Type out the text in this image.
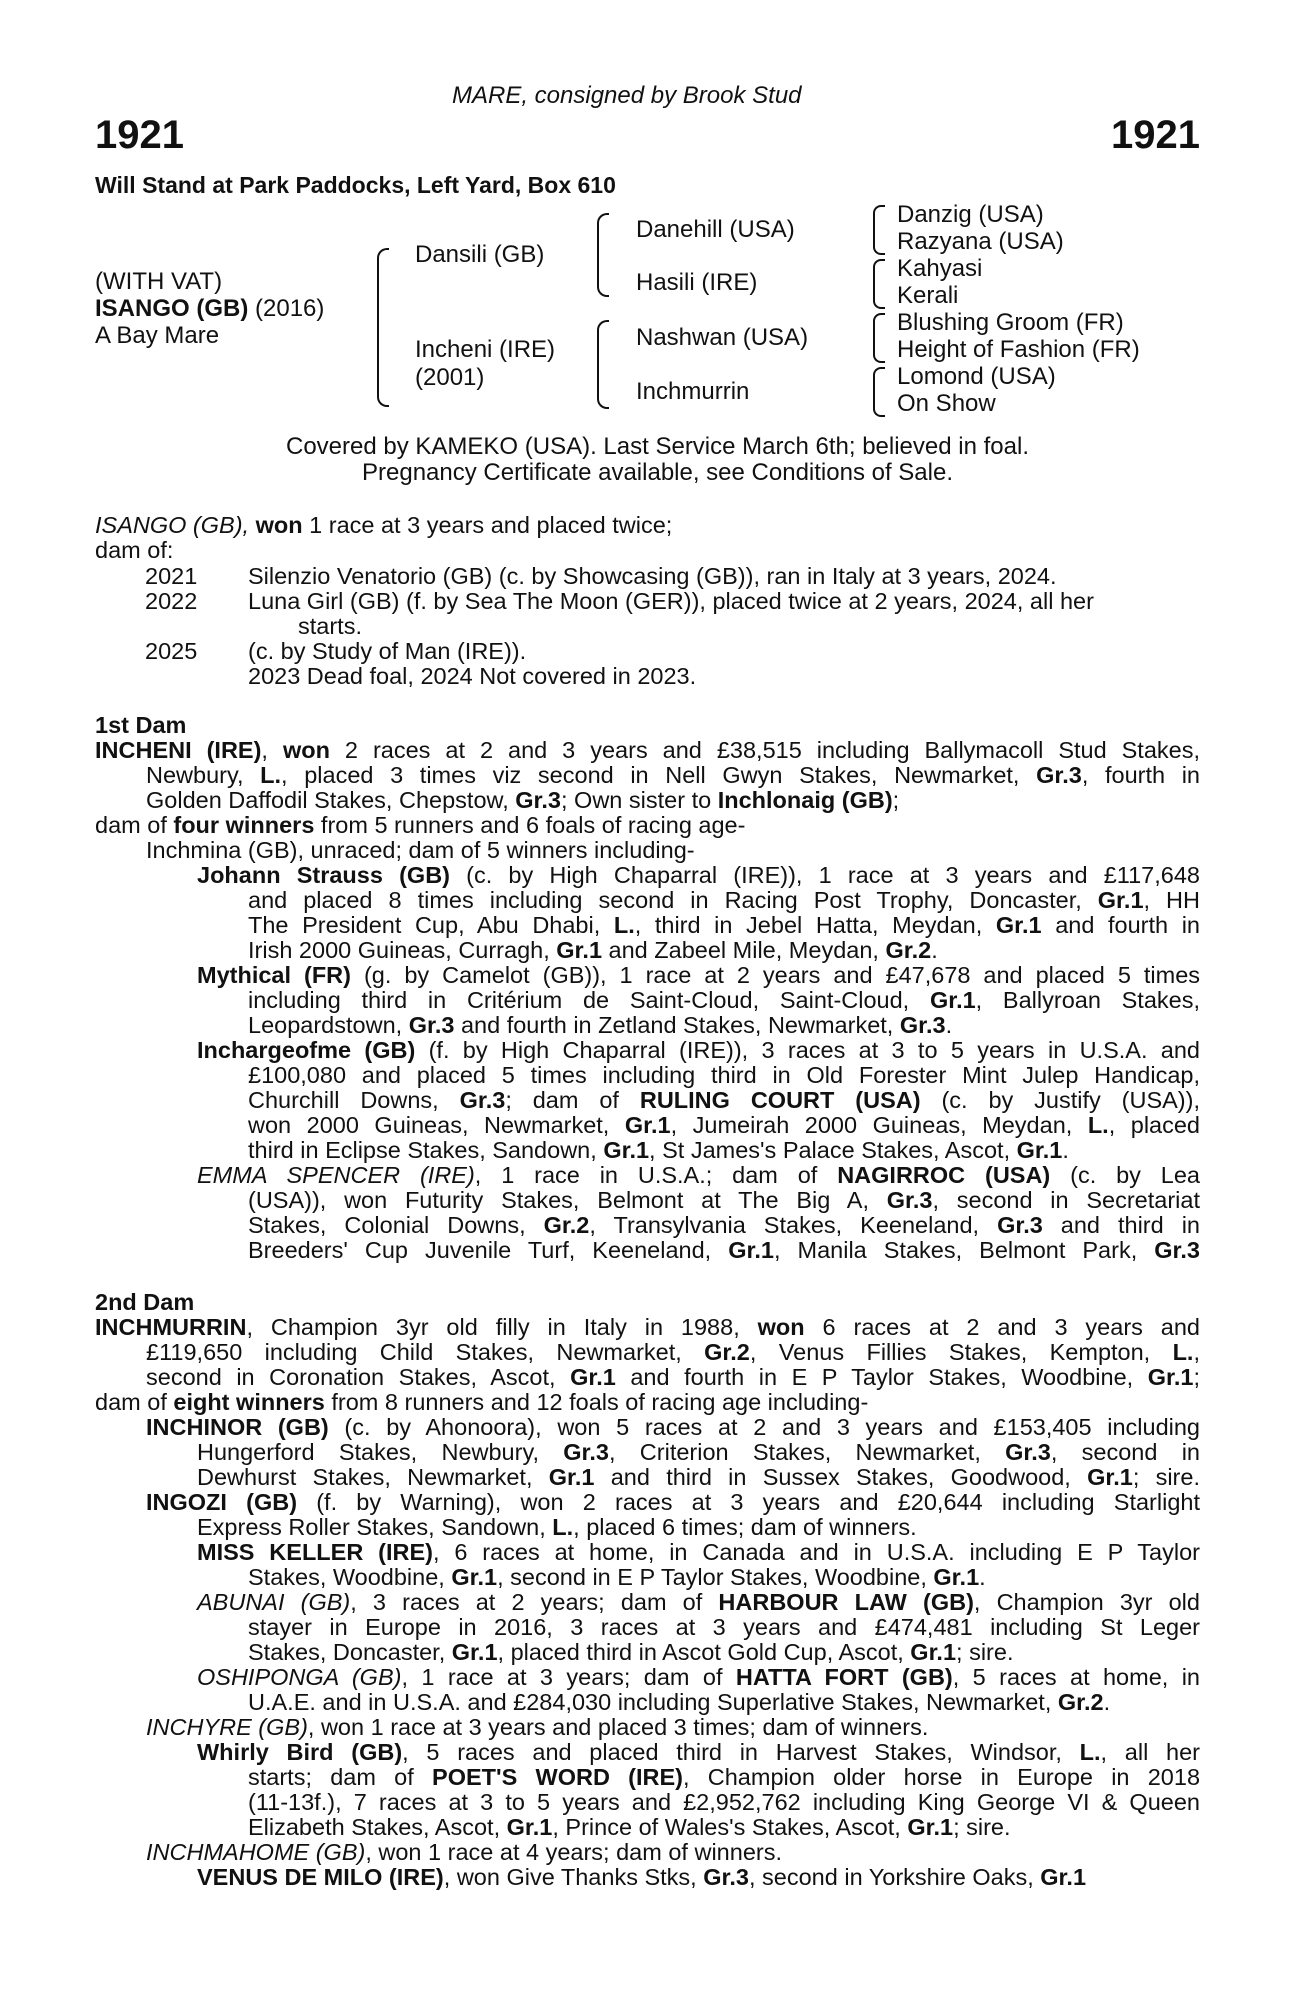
MARE, consigned by Brook Stud
1921	1921
Will Stand at Park Paddocks, Left Yard, Box 610
(WITH VAT)
ISANGO (GB) (2016)
A Bay Mare
Dansili (GB)
Incheni (IRE)
(2001)
Danehill (USA)
Hasili (IRE)
Nashwan (USA)
Inchmurrin
Danzig (USA)
Razyana (USA)
Kahyasi
Kerali
Blushing Groom (FR)
Height of Fashion (FR)
Lomond (USA)
On Show
Covered by KAMEKO (USA). Last Service March 6th; believed in foal.
Pregnancy Certificate available, see Conditions of Sale.
ISANGO (GB), won 1 race at 3 years and placed twice;
dam of:
2021 Silenzio Venatorio (GB) (c. by Showcasing (GB)), ran in Italy at 3 years, 2024.
2022 Luna Girl (GB) (f. by Sea The Moon (GER)), placed twice at 2 years, 2024, all her
starts.
2025 (c. by Study of Man (IRE)).
2023 Dead foal, 2024 Not covered in 2023.
1st Dam
INCHENI (IRE), won 2 races at 2 and 3 years and £38,515 including Ballymacoll Stud Stakes,
Newbury, L., placed 3 times viz second in Nell Gwyn Stakes, Newmarket, Gr.3, fourth in
Golden Daffodil Stakes, Chepstow, Gr.3; Own sister to Inchlonaig (GB);
dam of four winners from 5 runners and 6 foals of racing age-
Inchmina (GB), unraced; dam of 5 winners including-
Johann Strauss (GB) (c. by High Chaparral (IRE)), 1 race at 3 years and £117,648
and placed 8 times including second in Racing Post Trophy, Doncaster, Gr.1, HH
The President Cup, Abu Dhabi, L., third in Jebel Hatta, Meydan, Gr.1 and fourth in
Irish 2000 Guineas, Curragh, Gr.1 and Zabeel Mile, Meydan, Gr.2.
Mythical (FR) (g. by Camelot (GB)), 1 race at 2 years and £47,678 and placed 5 times
including third in Critérium de Saint-Cloud, Saint-Cloud, Gr.1, Ballyroan Stakes,
Leopardstown, Gr.3 and fourth in Zetland Stakes, Newmarket, Gr.3.
Inchargeofme (GB) (f. by High Chaparral (IRE)), 3 races at 3 to 5 years in U.S.A. and
£100,080 and placed 5 times including third in Old Forester Mint Julep Handicap,
Churchill Downs, Gr.3; dam of RULING COURT (USA) (c. by Justify (USA)),
won 2000 Guineas, Newmarket, Gr.1, Jumeirah 2000 Guineas, Meydan, L., placed
third in Eclipse Stakes, Sandown, Gr.1, St James's Palace Stakes, Ascot, Gr.1.
EMMA SPENCER (IRE), 1 race in U.S.A.; dam of NAGIRROC (USA) (c. by Lea
(USA)), won Futurity Stakes, Belmont at The Big A, Gr.3, second in Secretariat
Stakes, Colonial Downs, Gr.2, Transylvania Stakes, Keeneland, Gr.3 and third in
Breeders' Cup Juvenile Turf, Keeneland, Gr.1, Manila Stakes, Belmont Park, Gr.3
2nd Dam
INCHMURRIN, Champion 3yr old filly in Italy in 1988, won 6 races at 2 and 3 years and
£119,650 including Child Stakes, Newmarket, Gr.2, Venus Fillies Stakes, Kempton, L.,
second in Coronation Stakes, Ascot, Gr.1 and fourth in E P Taylor Stakes, Woodbine, Gr.1;
dam of eight winners from 8 runners and 12 foals of racing age including-
INCHINOR (GB) (c. by Ahonoora), won 5 races at 2 and 3 years and £153,405 including
Hungerford Stakes, Newbury, Gr.3, Criterion Stakes, Newmarket, Gr.3, second in
Dewhurst Stakes, Newmarket, Gr.1 and third in Sussex Stakes, Goodwood, Gr.1; sire.
INGOZI (GB) (f. by Warning), won 2 races at 3 years and £20,644 including Starlight
Express Roller Stakes, Sandown, L., placed 6 times; dam of winners.
MISS KELLER (IRE), 6 races at home, in Canada and in U.S.A. including E P Taylor
Stakes, Woodbine, Gr.1, second in E P Taylor Stakes, Woodbine, Gr.1.
ABUNAI (GB), 3 races at 2 years; dam of HARBOUR LAW (GB), Champion 3yr old
stayer in Europe in 2016, 3 races at 3 years and £474,481 including St Leger
Stakes, Doncaster, Gr.1, placed third in Ascot Gold Cup, Ascot, Gr.1; sire.
OSHIPONGA (GB), 1 race at 3 years; dam of HATTA FORT (GB), 5 races at home, in
U.A.E. and in U.S.A. and £284,030 including Superlative Stakes, Newmarket, Gr.2.
INCHYRE (GB), won 1 race at 3 years and placed 3 times; dam of winners.
Whirly Bird (GB), 5 races and placed third in Harvest Stakes, Windsor, L., all her
starts; dam of POET'S WORD (IRE), Champion older horse in Europe in 2018
(11-13f.), 7 races at 3 to 5 years and £2,952,762 including King George VI & Queen
Elizabeth Stakes, Ascot, Gr.1, Prince of Wales's Stakes, Ascot, Gr.1; sire.
INCHMAHOME (GB), won 1 race at 4 years; dam of winners.
VENUS DE MILO (IRE), won Give Thanks Stks, Gr.3, second in Yorkshire Oaks, Gr.1
